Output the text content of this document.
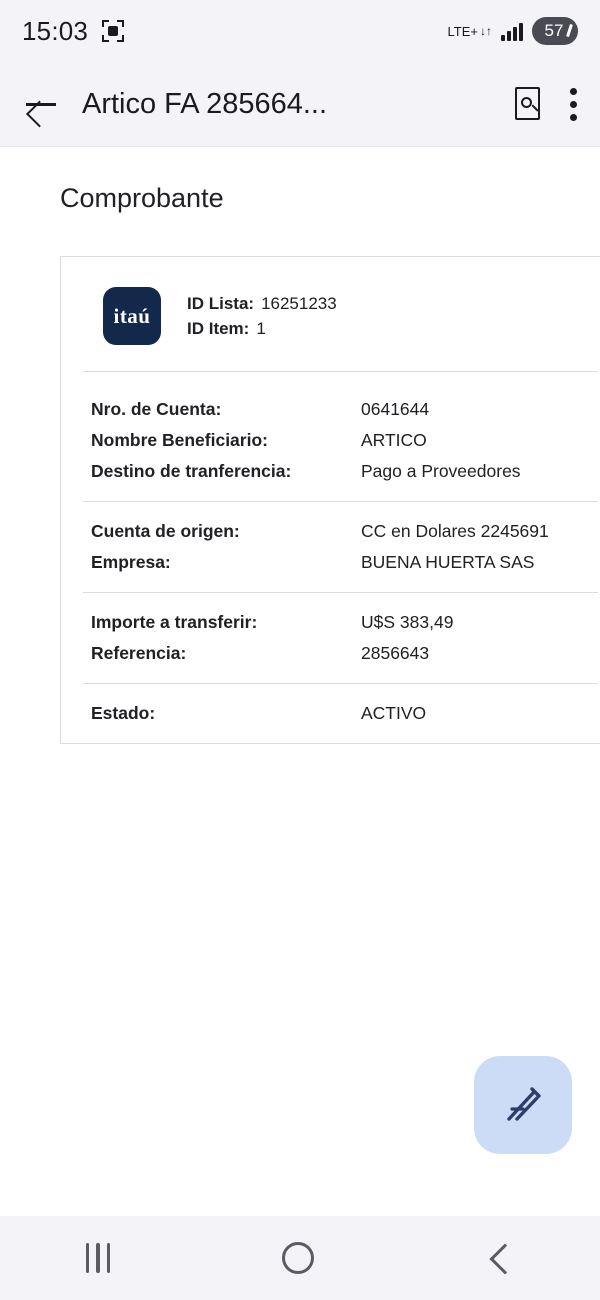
15:03	LTE+ ↓↑	57
Artico FA 285664...
Comprobante
itaú ID Lista: 16251233
ID Item: 1
Nro. de Cuenta:	0641644
Nombre Beneficiario:	ARTICO
Destino de tranferencia:	Pago a Proveedores
Cuenta de origen:	CC en Dolares 2245691
Empresa:	BUENA HUERTA SAS
Importe a transferir:	U$S 383,49
Referencia:	2856643
Estado:	ACTIVO
